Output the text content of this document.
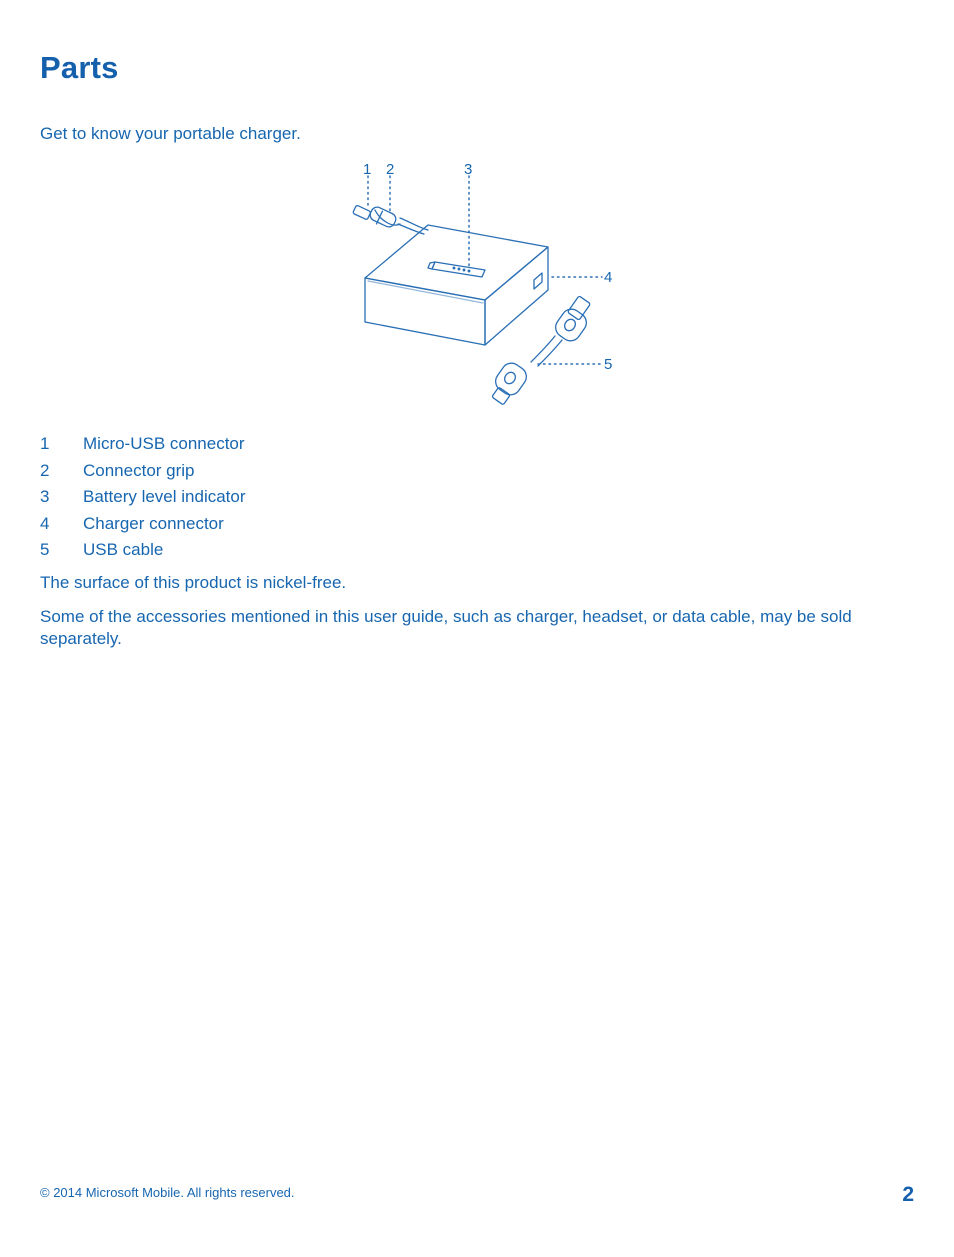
Parts
Get to know your portable charger.
1 2	3
4
5
1	Micro-USB connector
2	Connector grip
3	Battery level indicator
4	Charger connector
5	USB cable

The surface of this product is nickel-free.

Some of the accessories mentioned in this user guide, such as charger, headset, or data cable, may be sold separately.

© 2014 Microsoft Mobile. All rights reserved.	2
